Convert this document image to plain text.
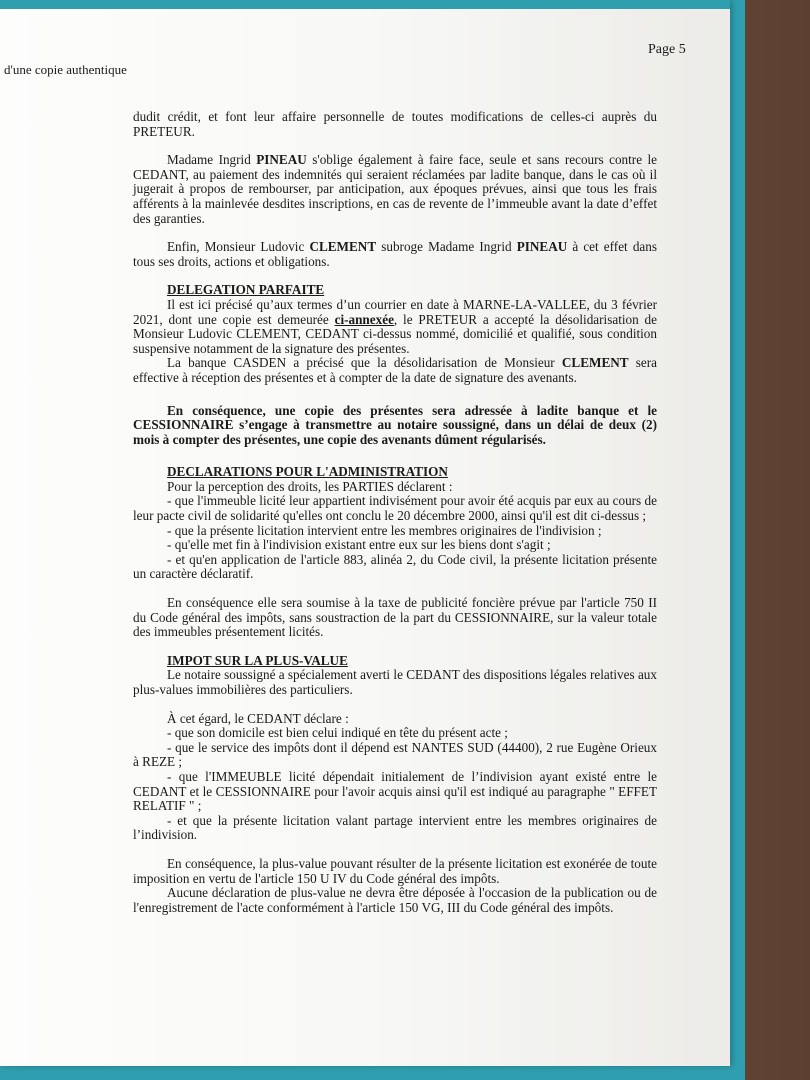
d'une copie authentique
Page 5

dudit crédit, et font leur affaire personnelle de toutes modifications de celles-ci auprès du PRETEUR.

Madame Ingrid PINEAU s'oblige également à faire face, seule et sans recours contre le CEDANT, au paiement des indemnités qui seraient réclamées par ladite banque, dans le cas où il jugerait à propos de rembourser, par anticipation, aux époques prévues, ainsi que tous les frais afférents à la mainlevée desdites inscriptions, en cas de revente de l’immeuble avant la date d’effet des garanties.

Enfin, Monsieur Ludovic CLEMENT subroge Madame Ingrid PINEAU à cet effet dans tous ses droits, actions et obligations.

DELEGATION PARFAITE

Il est ici précisé qu’aux termes d’un courrier en date à MARNE-LA-VALLEE, du 3 février 2021, dont une copie est demeurée ci-annexée, le PRETEUR a accepté la désolidarisation de Monsieur Ludovic CLEMENT, CEDANT ci-dessus nommé, domicilié et qualifié, sous condition suspensive notamment de la signature des présentes.

La banque CASDEN a précisé que la désolidarisation de Monsieur CLEMENT sera effective à réception des présentes et à compter de la date de signature des avenants.

En conséquence, une copie des présentes sera adressée à ladite banque et le CESSIONNAIRE s’engage à transmettre au notaire soussigné, dans un délai de deux (2) mois à compter des présentes, une copie des avenants dûment régularisés.

DECLARATIONS POUR L'ADMINISTRATION

Pour la perception des droits, les PARTIES déclarent :

- que l'immeuble licité leur appartient indivisément pour avoir été acquis par eux au cours de leur pacte civil de solidarité qu'elles ont conclu le 20 décembre 2000, ainsi qu'il est dit ci-dessus ;

- que la présente licitation intervient entre les membres originaires de l'indivision ;

- qu'elle met fin à l'indivision existant entre eux sur les biens dont s'agit ;

- et qu'en application de l'article 883, alinéa 2, du Code civil, la présente licitation présente un caractère déclaratif.

En conséquence elle sera soumise à la taxe de publicité foncière prévue par l'article 750 II du Code général des impôts, sans soustraction de la part du CESSIONNAIRE, sur la valeur totale des immeubles présentement licités.

IMPOT SUR LA PLUS-VALUE

Le notaire soussigné a spécialement averti le CEDANT des dispositions légales relatives aux plus-values immobilières des particuliers.

À cet égard, le CEDANT déclare :

- que son domicile est bien celui indiqué en tête du présent acte ;

- que le service des impôts dont il dépend est NANTES SUD (44400), 2 rue Eugène Orieux à REZE ;

- que l'IMMEUBLE licité dépendait initialement de l’indivision ayant existé entre le CEDANT et le CESSIONNAIRE pour l'avoir acquis ainsi qu'il est indiqué au paragraphe " EFFET RELATIF " ;

- et que la présente licitation valant partage intervient entre les membres originaires de l’indivision.

En conséquence, la plus-value pouvant résulter de la présente licitation est exonérée de toute imposition en vertu de l'article 150 U IV du Code général des impôts.

Aucune déclaration de plus-value ne devra être déposée à l'occasion de la publication ou de l'enregistrement de l'acte conformément à l'article 150 VG, III du Code général des impôts.
